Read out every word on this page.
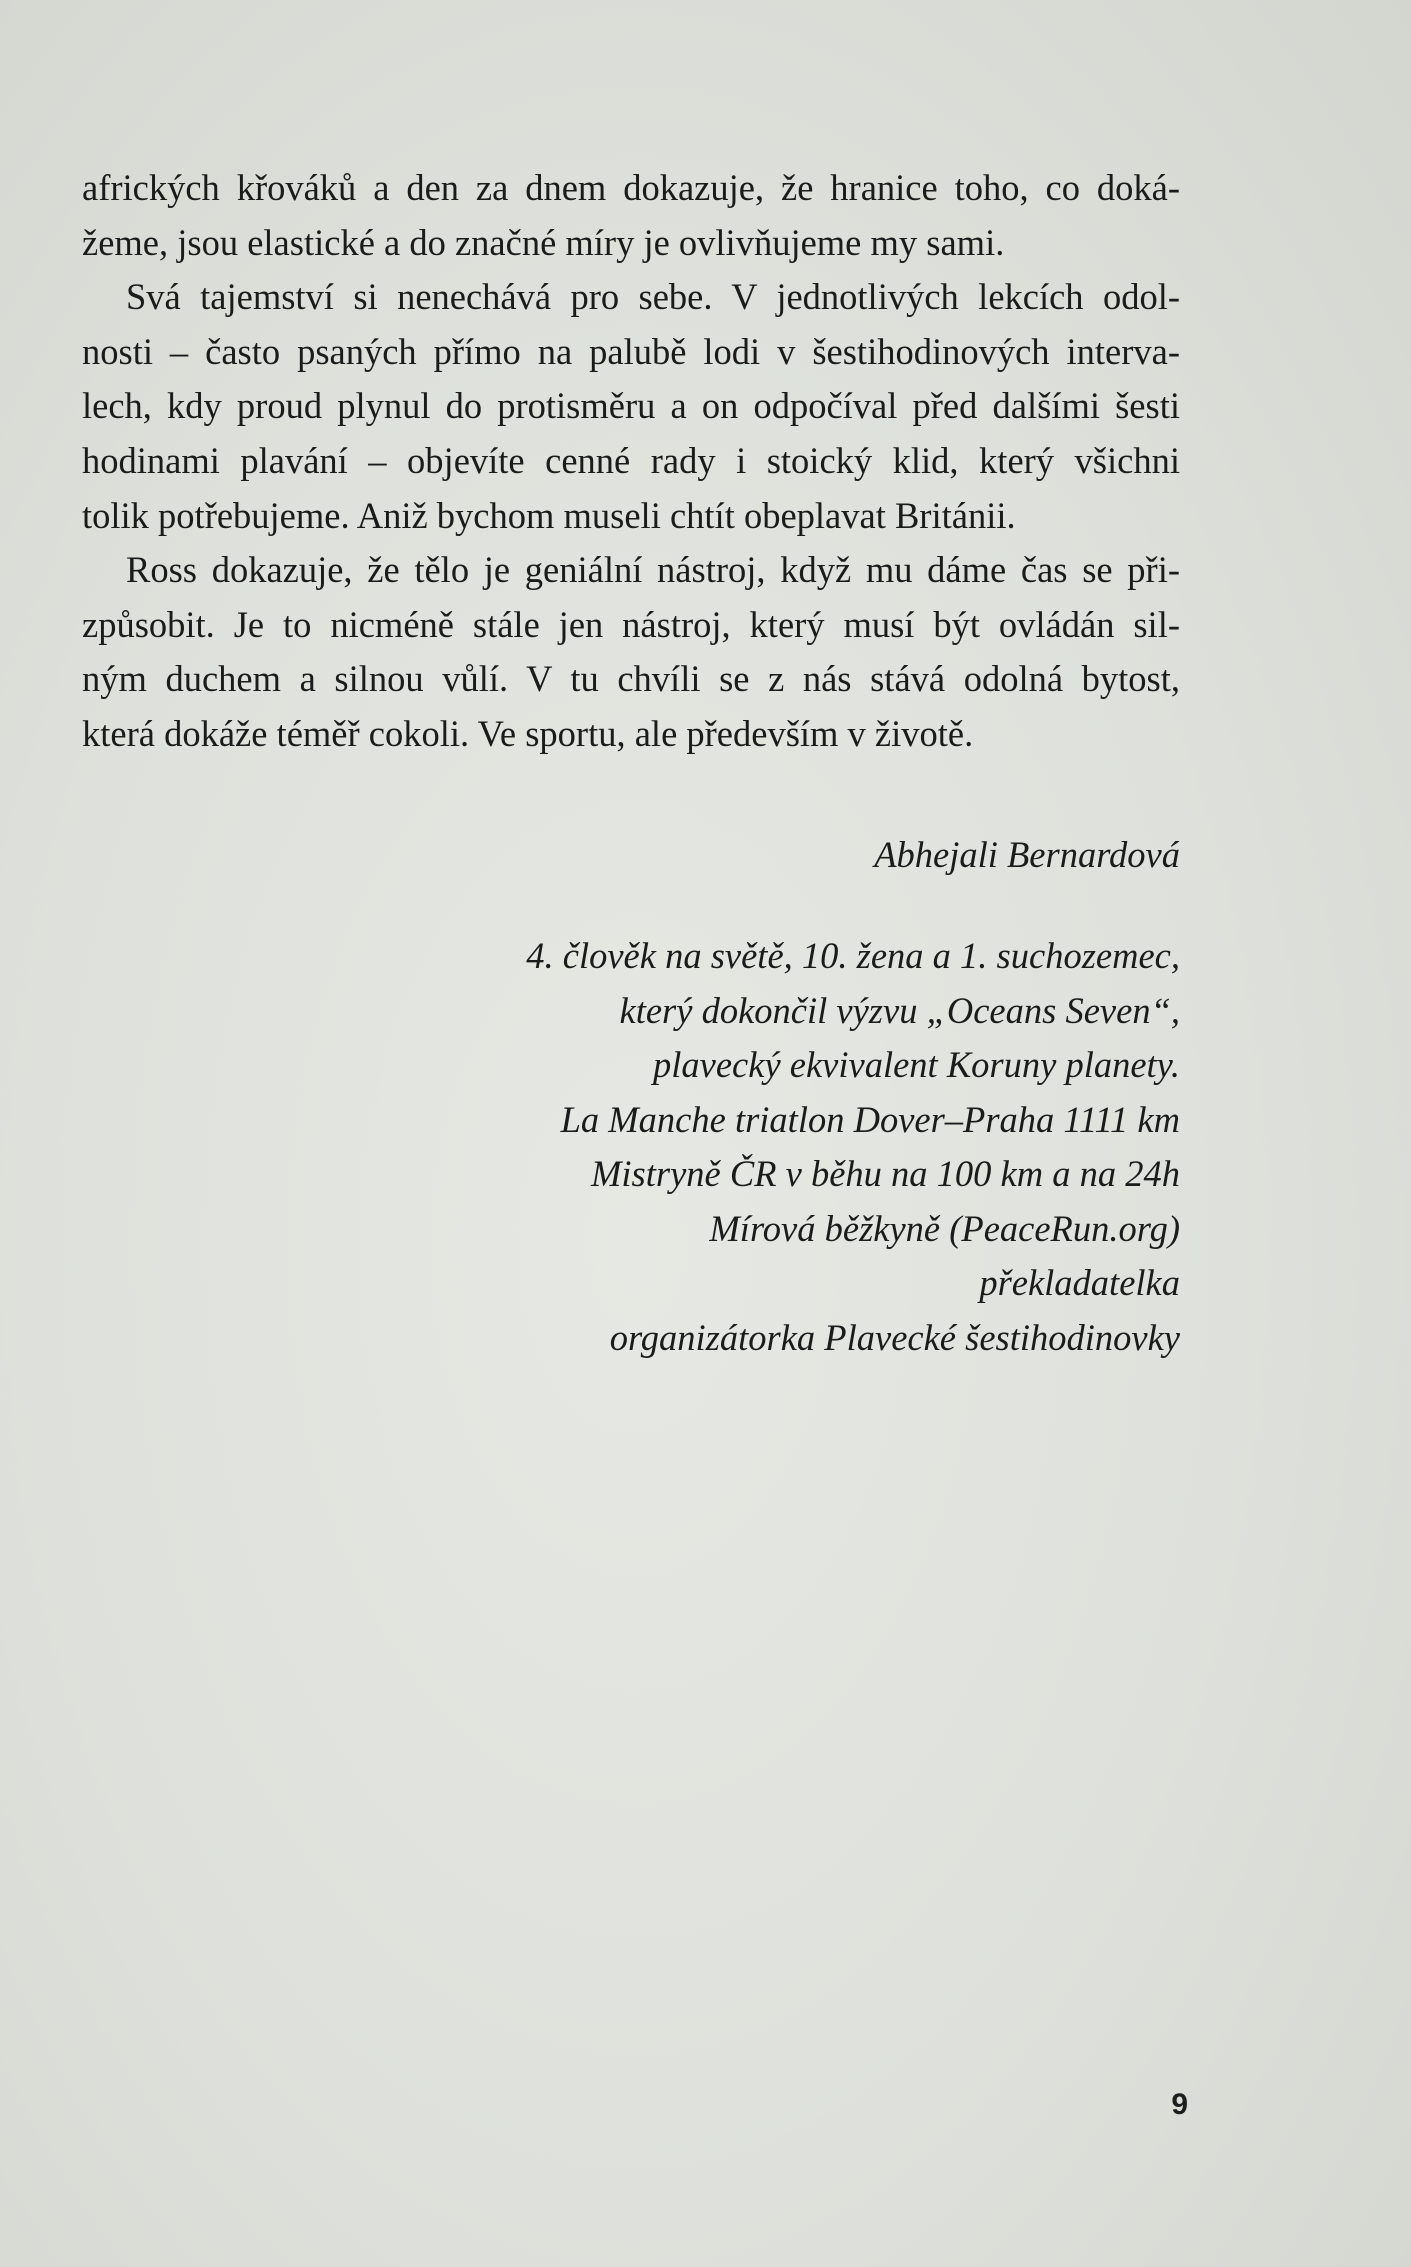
afrických křováků a den za dnem dokazuje, že hranice toho, co doká-
žeme, jsou elastické a do značné míry je ovlivňujeme my sami.

Svá tajemství si nenechává pro sebe. V jednotlivých lekcích odol-
nosti – často psaných přímo na palubě lodi v šestihodinových interva-
lech, kdy proud plynul do protisměru a on odpočíval před dalšími šesti
hodinami plavání – objevíte cenné rady i stoický klid, který všichni
tolik potřebujeme. Aniž bychom museli chtít obeplavat Británii.

Ross dokazuje, že tělo je geniální nástroj, když mu dáme čas se při-
způsobit. Je to nicméně stále jen nástroj, který musí být ovládán sil-
ným duchem a silnou vůlí. V tu chvíli se z nás stává odolná bytost,
která dokáže téměř cokoli. Ve sportu, ale především v životě.

Abhejali Bernardová
4. člověk na světě, 10. žena a 1. suchozemec,
který dokončil výzvu „Oceans Seven“,
plavecký ekvivalent Koruny planety.
La Manche triatlon Dover–Praha 1111 km
Mistryně ČR v běhu na 100 km a na 24h
Mírová běžkyně (PeaceRun.org)
překladatelka
organizátorka Plavecké šestihodinovky
9
